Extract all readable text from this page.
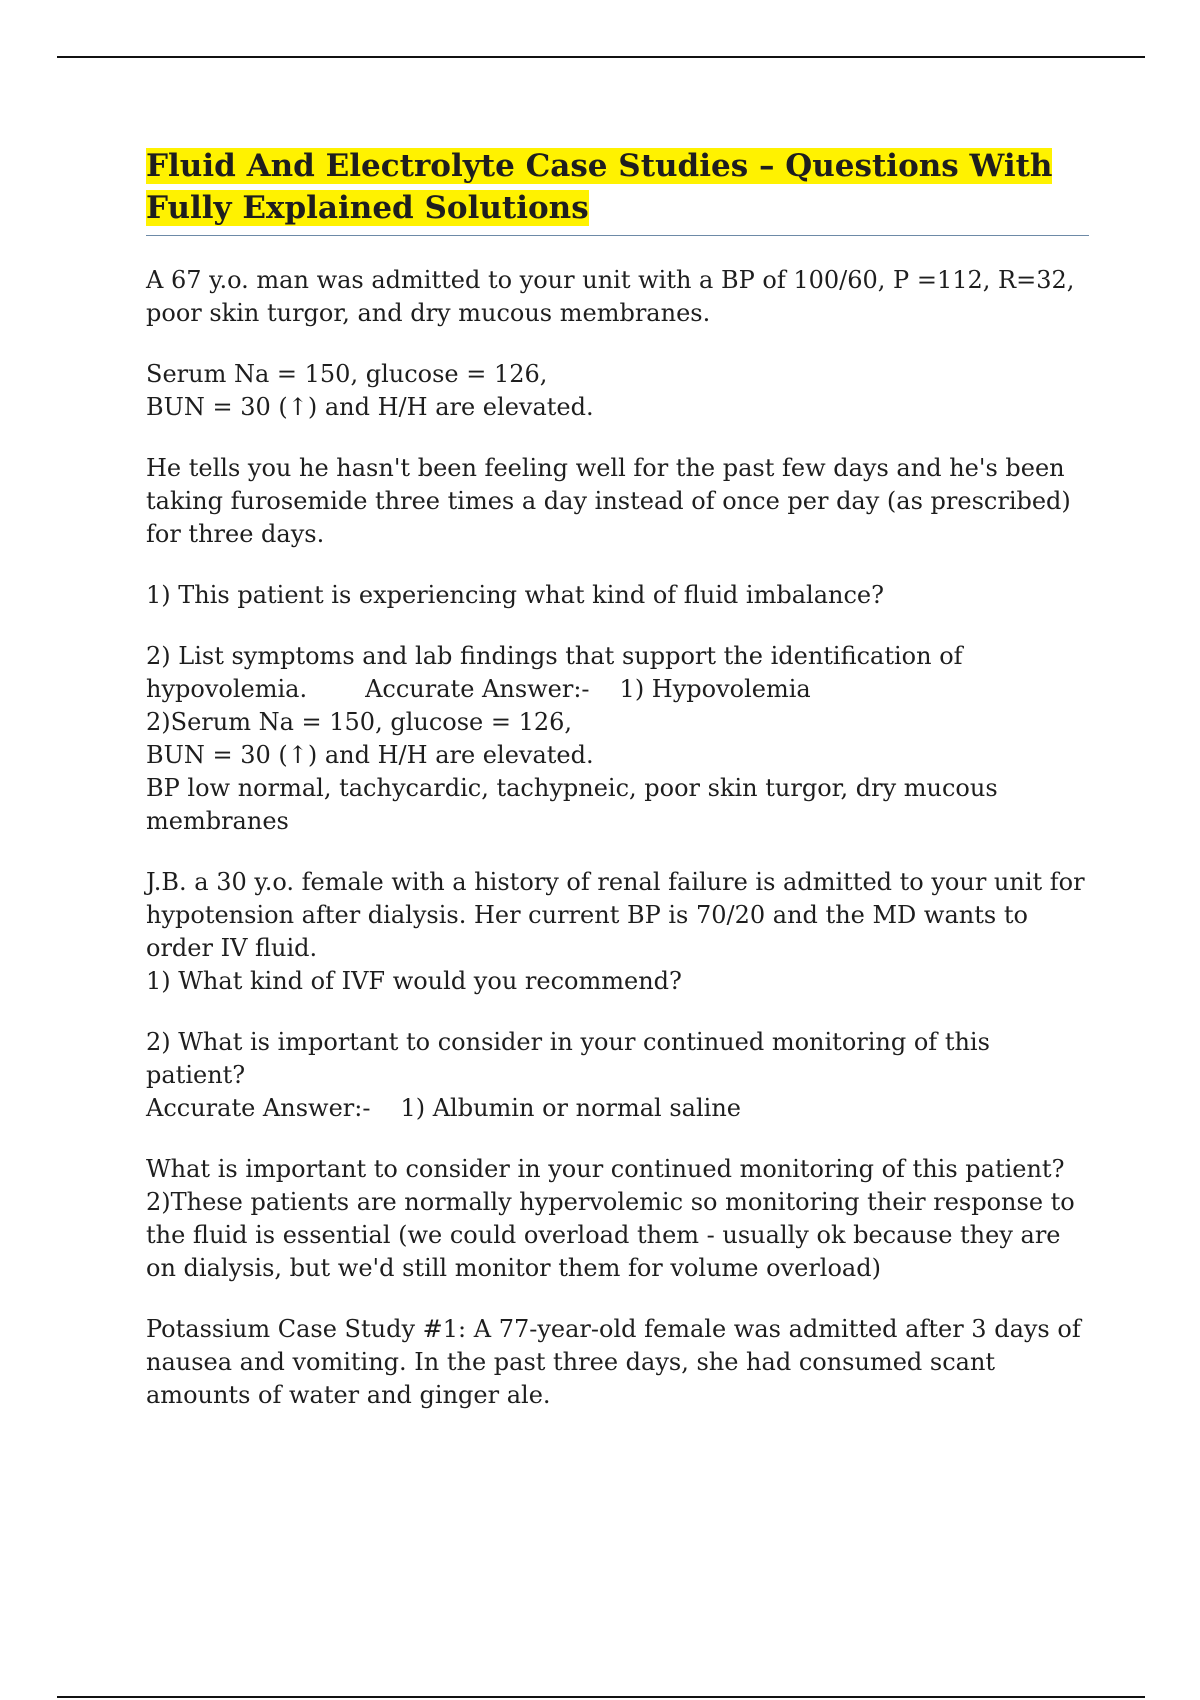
Fluid And Electrolyte Case Studies – Questions With
Fully Explained Solutions

A 67 y.o. man was admitted to your unit with a BP of 100/60, P =112, R=32, poor skin turgor, and dry mucous membranes.

Serum Na = 150, glucose = 126,
BUN = 30 (↑) and H/H are elevated.

He tells you he hasn't been feeling well for the past few days and he's been taking furosemide three times a day instead of once per day (as prescribed) for three days.

1) This patient is experiencing what kind of fluid imbalance?

2) List symptoms and lab findings that support the identification of
hypovolemia. Accurate Answer:- 1) Hypovolemia
2)Serum Na = 150, glucose = 126,
BUN = 30 (↑) and H/H are elevated.
BP low normal, tachycardic, tachypneic, poor skin turgor, dry mucous membranes

J.B. a 30 y.o. female with a history of renal failure is admitted to your unit for hypotension after dialysis. Her current BP is 70/20 and the MD wants to order IV fluid.
1) What kind of IVF would you recommend?

2) What is important to consider in your continued monitoring of this patient?
Accurate Answer:- 1) Albumin or normal saline

What is important to consider in your continued monitoring of this patient?
2)These patients are normally hypervolemic so monitoring their response to the fluid is essential (we could overload them - usually ok because they are on dialysis, but we'd still monitor them for volume overload)

Potassium Case Study #1: A 77-year-old female was admitted after 3 days of nausea and vomiting. In the past three days, she had consumed scant amounts of water and ginger ale.
